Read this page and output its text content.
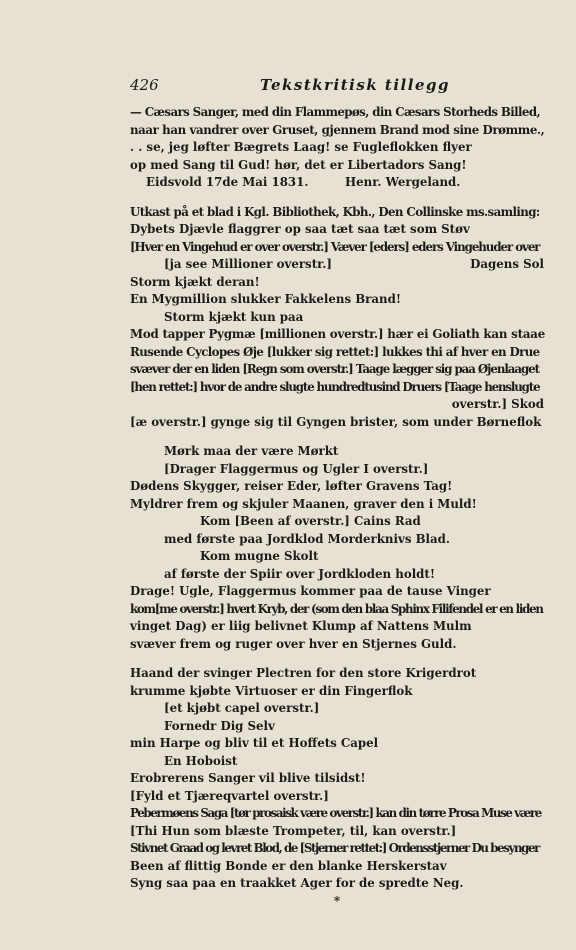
426	Tekstkritisk tillegg
— Cæsars Sanger, med din Flammepøs, din Cæsars Storheds Billed,
naar han vandrer over Gruset, gjennem Brand mod sine Drømme.,
. . se, jeg løfter Bægrets Laag! se Fugleflokken flyer
op med Sang til Gud! hør, det er Libertadors Sang!
Eidsvold 17de Mai 1831.	Henr. Wergeland.
Utkast på et blad i Kgl. Bibliothek, Kbh., Den Collinske ms.samling:
Dybets Djævle flaggrer op saa tæt saa tæt som Støv
[Hver en Vingehud er over overstr.] Væver [eders] eders Vingehuder over
[ja see Millioner overstr.]	Dagens Sol
Storm kjækt deran!
En Mygmillion slukker Fakkelens Brand!
Storm kjækt kun paa
Mod tapper Pygmæ [millionen overstr.] hær ei Goliath kan staae
Rusende Cyclopes Øje [lukker sig rettet:] lukkes thi af hver en Drue
svæver der en liden [Regn som overstr.] Taage lægger sig paa Øjenlaaget
[hen rettet:] hvor de andre slugte hundredtusind Druers [Taage henslugte
overstr.] Skod
[æ overstr.] gynge sig til Gyngen brister, som under Børneflok
Mørk maa der være Mørkt
[Drager Flaggermus og Ugler I overstr.]
Dødens Skygger, reiser Eder, løfter Gravens Tag!
Myldrer frem og skjuler Maanen, graver den i Muld!
Kom [Been af overstr.] Cains Rad
med første paa Jordklod Morderknivs Blad.
Kom mugne Skolt
af første der Spiir over Jordkloden holdt!
Drage! Ugle, Flaggermus kommer paa de tause Vinger
kom[me overstr.] hvert Kryb, der (som den blaa Sphinx Filifendel er en liden
vinget Dag) er liig belivnet Klump af Nattens Mulm
svæver frem og ruger over hver en Stjernes Guld.
Haand der svinger Plectren for den store Krigerdrot
krumme kjøbte Virtuoser er din Fingerflok
[et kjøbt capel overstr.]
Fornedr Dig Selv
min Harpe og bliv til et Hoffets Capel
En Hoboist
Erobrerens Sanger vil blive tilsidst!
[Fyld et Tjæreqvartel overstr.]
Pebermøens Saga [tør prosaisk være overstr.] kan din tørre Prosa Muse være
[Thi Hun som blæste Trompeter, til, kan overstr.]
Stivnet Graad og levret Blod, de [Stjerner rettet:] Ordensstjerner Du besynger
Been af flittig Bonde er den blanke Herskerstav
Syng saa paa en traakket Ager for de spredte Neg.
*
